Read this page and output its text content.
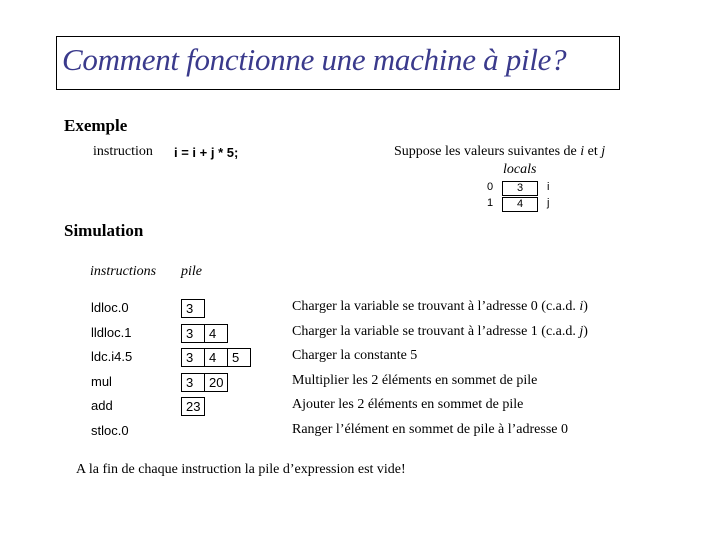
Comment fonctionne une machine à pile?
Exemple
instruction i = i + j * 5;	Suppose les valeurs suivantes de i et j
locals
0	3	i
1	4	j
Simulation
instructions pile
ldloc.0	3	Charger la variable se trouvant à l’adresse 0 (c.a.d. i)
lldloc.1	3	4	Charger la variable se trouvant à l’adresse 1 (c.a.d. j)
ldc.i4.5	3	4	5	Charger la constante 5
mul	3	20	Multiplier les 2 éléments en sommet de pile
add	23	Ajouter les 2 éléments en sommet de pile
stloc.0	Ranger l’élément en sommet de pile à l’adresse 0
A la fin de chaque instruction la pile d’expression est vide!
